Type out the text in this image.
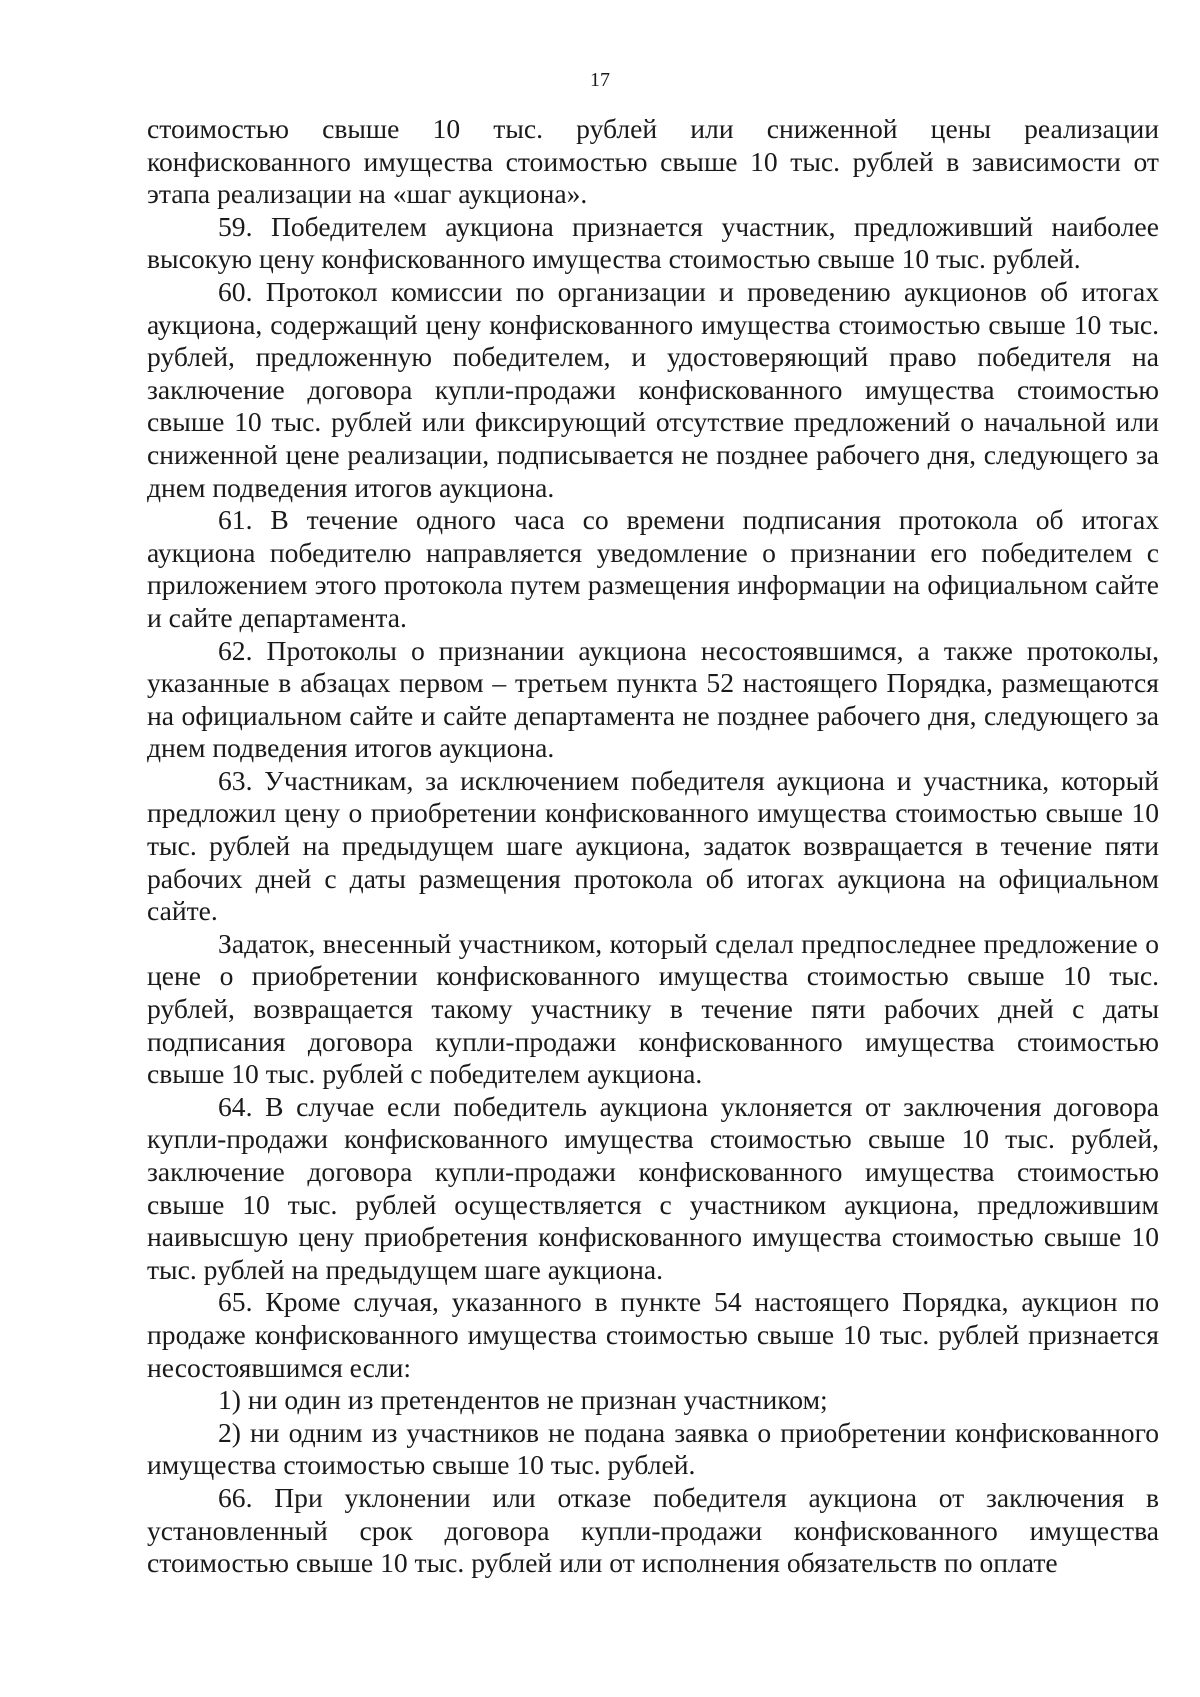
17

стоимостью свыше 10 тыс. рублей или сниженной цены реализации конфискованного имущества стоимостью свыше 10 тыс. рублей в зависимости от этапа реализации на «шаг аукциона».

59. Победителем аукциона признается участник, предложивший наиболее высокую цену конфискованного имущества стоимостью свыше 10 тыс. рублей.

60. Протокол комиссии по организации и проведению аукционов об итогах аукциона, содержащий цену конфискованного имущества стоимостью свыше 10 тыс. рублей, предложенную победителем, и удостоверяющий право победителя на заключение договора купли-продажи конфискованного имущества стоимостью свыше 10 тыс. рублей или фиксирующий отсутствие предложений о начальной или сниженной цене реализации, подписывается не позднее рабочего дня, следующего за днем подведения итогов аукциона.

61. В течение одного часа со времени подписания протокола об итогах аукциона победителю направляется уведомление о признании его победителем с приложением этого протокола путем размещения информации на официальном сайте и сайте департамента.

62. Протоколы о признании аукциона несостоявшимся, а также протоколы, указанные в абзацах первом – третьем пункта 52 настоящего Порядка, размещаются на официальном сайте и сайте департамента не позднее рабочего дня, следующего за днем подведения итогов аукциона.

63. Участникам, за исключением победителя аукциона и участника, который предложил цену о приобретении конфискованного имущества стоимостью свыше 10 тыс. рублей на предыдущем шаге аукциона, задаток возвращается в течение пяти рабочих дней с даты размещения протокола об итогах аукциона на официальном сайте.

Задаток, внесенный участником, который сделал предпоследнее предложение о цене о приобретении конфискованного имущества стоимостью свыше 10 тыс. рублей, возвращается такому участнику в течение пяти рабочих дней с даты подписания договора купли-продажи конфискованного имущества стоимостью свыше 10 тыс. рублей с победителем аукциона.

64. В случае если победитель аукциона уклоняется от заключения договора купли-продажи конфискованного имущества стоимостью свыше 10 тыс. рублей, заключение договора купли-продажи конфискованного имущества стоимостью свыше 10 тыс. рублей осуществляется с участником аукциона, предложившим наивысшую цену приобретения конфискованного имущества стоимостью свыше 10 тыс. рублей на предыдущем шаге аукциона.

65. Кроме случая, указанного в пункте 54 настоящего Порядка, аукцион по продаже конфискованного имущества стоимостью свыше 10 тыс. рублей признается несостоявшимся если:

1) ни один из претендентов не признан участником;

2) ни одним из участников не подана заявка о приобретении конфискованного имущества стоимостью свыше 10 тыс. рублей.

66. При уклонении или отказе победителя аукциона от заключения в установленный срок договора купли-продажи конфискованного имущества стоимостью свыше 10 тыс. рублей или от исполнения обязательств по оплате
